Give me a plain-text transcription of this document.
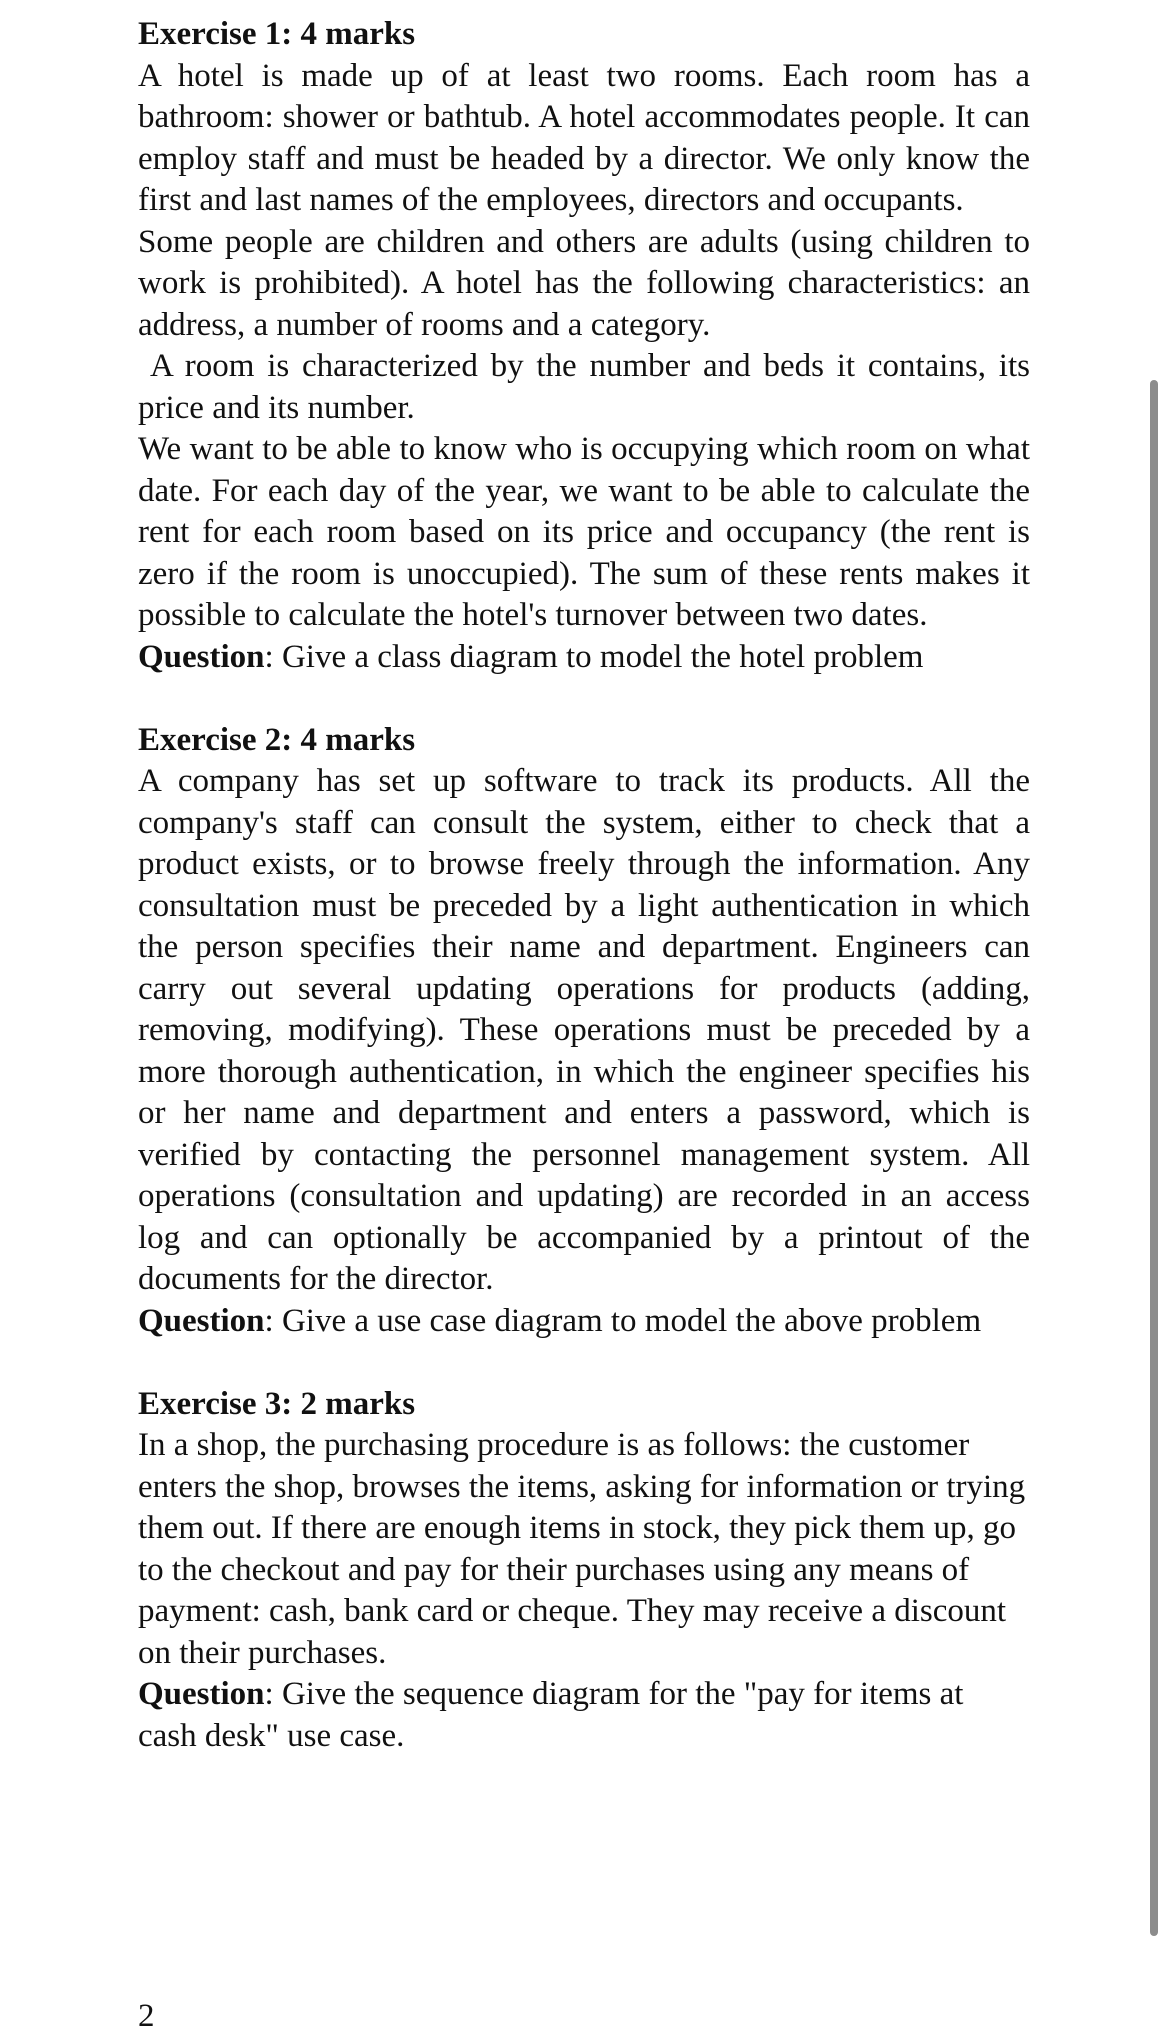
Exercise 1: 4 marks

A hotel is made up of at least two rooms. Each room has a bathroom: shower or bathtub. A hotel accommodates people. It can employ staff and must be headed by a director. We only know the first and last names of the employees, directors and occupants.

Some people are children and others are adults (using children to work is prohibited). A hotel has the following characteristics: an address, a number of rooms and a category.

A room is characterized by the number and beds it contains, its price and its number.

We want to be able to know who is occupying which room on what date. For each day of the year, we want to be able to calculate the rent for each room based on its price and occupancy (the rent is zero if the room is unoccupied). The sum of these rents makes it possible to calculate the hotel's turnover between two dates.

Question: Give a class diagram to model the hotel problem

Exercise 2: 4 marks

A company has set up software to track its products. All the company's staff can consult the system, either to check that a product exists, or to browse freely through the information. Any consultation must be preceded by a light authentication in which the person specifies their name and department. Engineers can carry out several updating operations for products (adding, removing, modifying). These operations must be preceded by a more thorough authentication, in which the engineer specifies his or her name and department and enters a password, which is verified by contacting the personnel management system. All operations (consultation and updating) are recorded in an access log and can optionally be accompanied by a printout of the documents for the director.

Question: Give a use case diagram to model the above problem

Exercise 3: 2 marks

In a shop, the purchasing procedure is as follows: the customer enters the shop, browses the items, asking for information or trying them out. If there are enough items in stock, they pick them up, go to the checkout and pay for their purchases using any means of payment: cash, bank card or cheque. They may receive a discount on their purchases.

Question: Give the sequence diagram for the "pay for items at cash desk" use case.

2
